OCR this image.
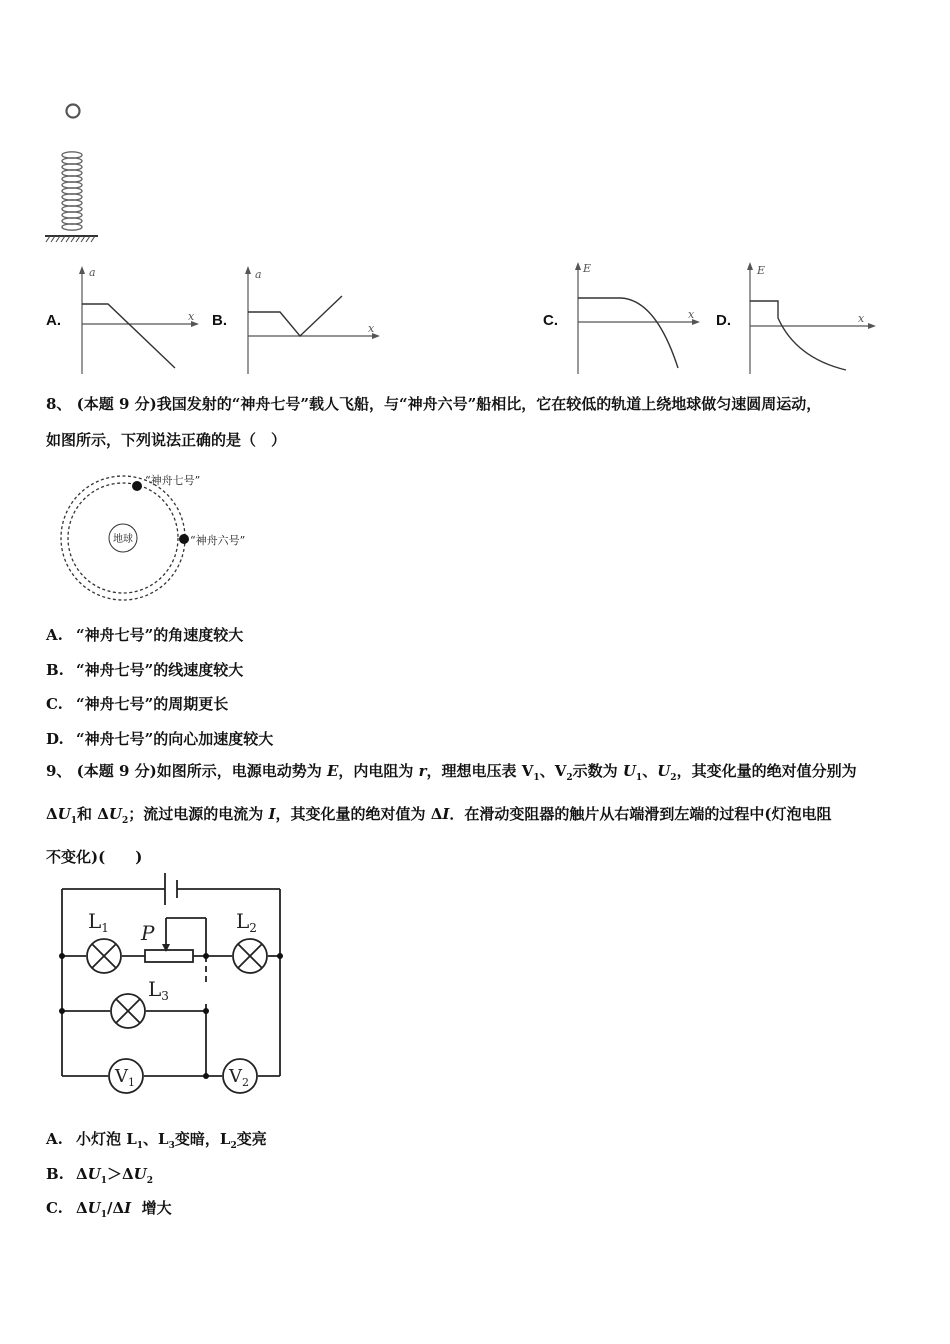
A.
a
x B.
a
x	C.
E
x D.
E
x
8、 (本题 9 分)我国发射的“神舟七号”载人飞船，与“神舟六号”船相比，它在较低的轨道上绕地球做匀速圆周运动，
如图所示，下列说法正确的是（　）
地球
“神舟七号”
“神舟六号”
A. “神舟七号”的角速度较大
B. “神舟七号”的线速度较大
C. “神舟七号”的周期更长
D. “神舟七号”的向心加速度较大
9、 (本题 9 分)如图所示，电源电动势为 E，内电阻为 r，理想电压表 $V_1$、$V_2$示数为 $U_1$、$U_2$，其变化量的绝对值分别为
$\Delta U_1$和 $\Delta U_2$；流过电源的电流为 I，其变化量的绝对值为 ΔI．在滑动变阻器的触片从右端滑到左端的过程中(灯泡电阻
不变化)(　　)
$L_1$	$L_2$
$L_3$
P
$V_1$	$V_2$
A. 小灯泡 $L_1$、$L_3$变暗，$L_2$变亮
B. $\Delta U_1>\Delta U_2$
C. $\Delta U_1/\Delta I$  增大
